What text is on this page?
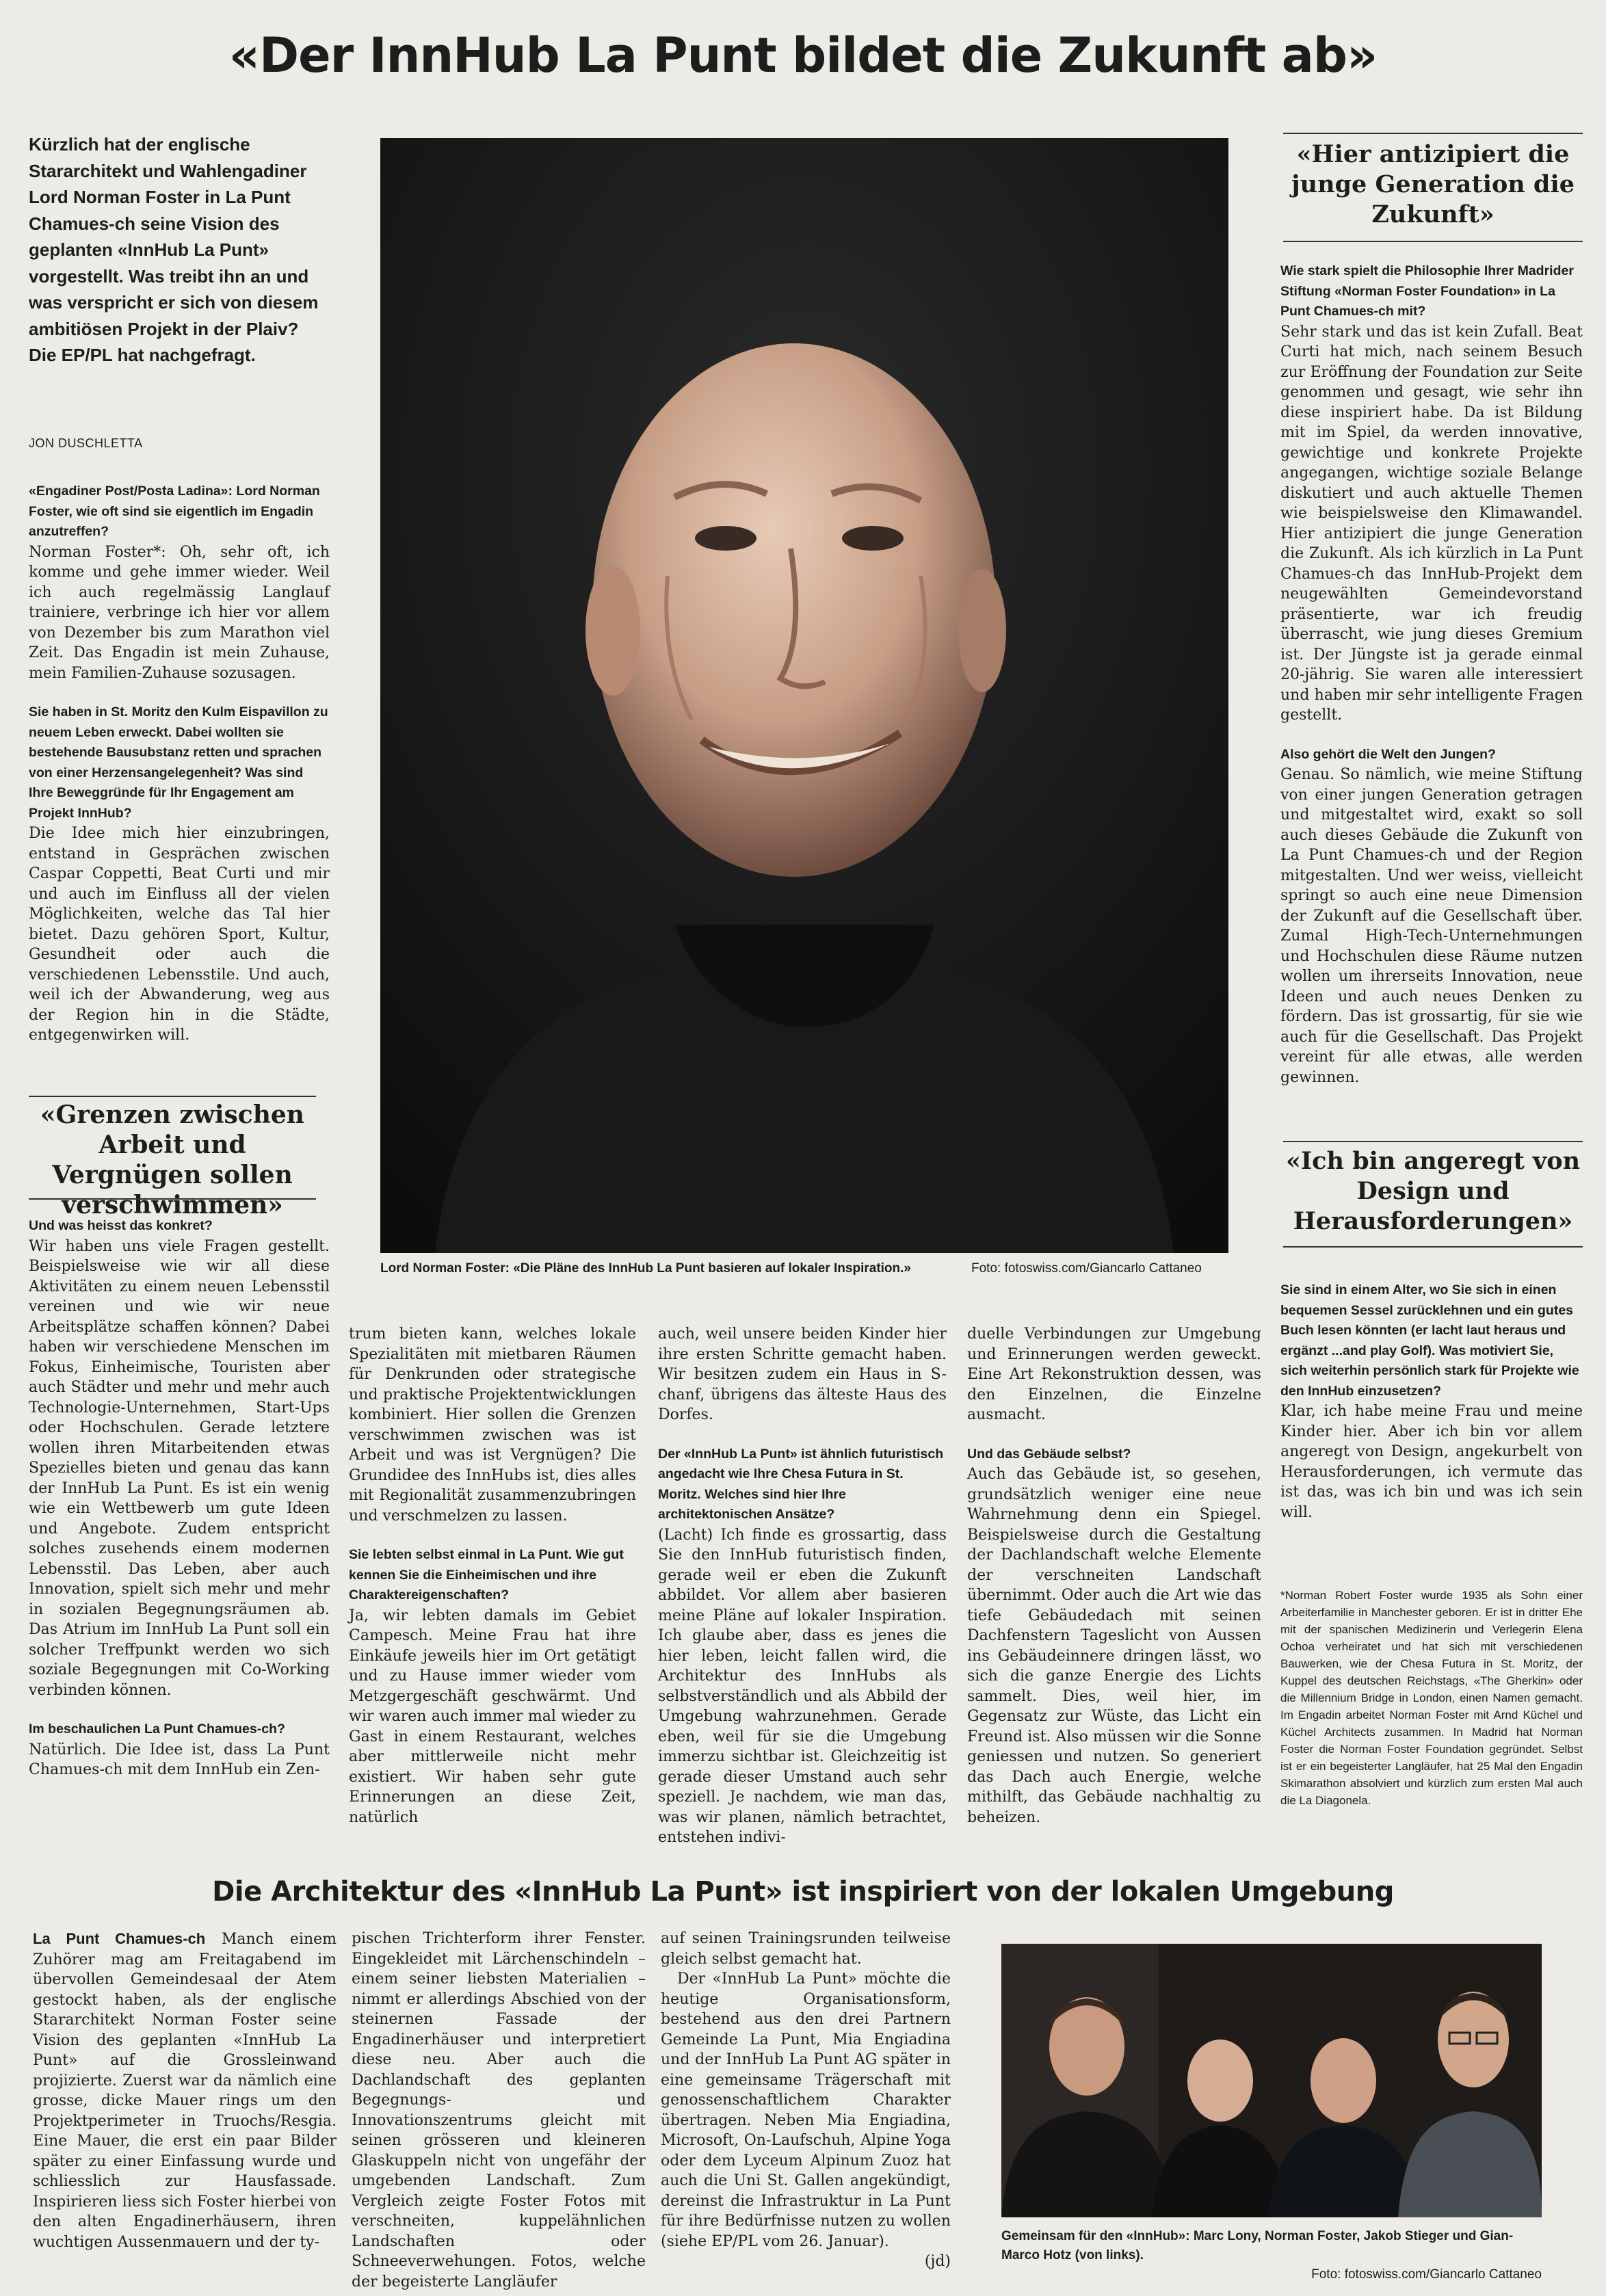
«Der InnHub La Punt bildet die Zukunft ab»
Kürzlich hat der englische Stararchitekt und Wahlengadiner Lord Norman Foster in La Punt Chamues-ch seine Vision des geplanten «InnHub La Punt» vorgestellt. Was treibt ihn an und was verspricht er sich von diesem ambitiösen Projekt in der Plaiv? Die EP/PL hat nachgefragt.
JON DUSCHLETTA

«Engadiner Post/Posta Ladina»: Lord Norman Foster, wie oft sind sie eigentlich im Engadin anzutreffen?

Norman Foster*: Oh, sehr oft, ich komme und gehe immer wieder. Weil ich auch regelmässig Langlauf trainiere, verbringe ich hier vor allem von Dezember bis zum Marathon viel Zeit. Das Engadin ist mein Zuhause, mein Familien-Zuhause sozusagen.

Sie haben in St. Moritz den Kulm Eispavillon zu neuem Leben erweckt. Dabei wollten sie bestehende Bausubstanz retten und sprachen von einer Herzensangelegenheit? Was sind Ihre Beweggründe für Ihr Engagement am Projekt InnHub?

Die Idee mich hier einzubringen, entstand in Gesprächen zwischen Caspar Coppetti, Beat Curti und mir und auch im Einfluss all der vielen Möglichkeiten, welche das Tal hier bietet. Dazu gehören Sport, Kultur, Gesundheit oder auch die verschiedenen Lebensstile. Und auch, weil ich der Abwanderung, weg aus der Region hin in die Städte, entgegenwirken will.

«Grenzen zwischen Arbeit und Vergnügen sollen verschwimmen»

Und was heisst das konkret?

Wir haben uns viele Fragen gestellt. Beispielsweise wie wir all diese Aktivitäten zu einem neuen Lebensstil vereinen und wie wir neue Arbeitsplätze schaffen können? Dabei haben wir verschiedene Menschen im Fokus, Einheimische, Touristen aber auch Städter und mehr und mehr auch Technologie-Unternehmen, Start-Ups oder Hochschulen. Gerade letztere wollen ihren Mitarbeitenden etwas Spezielles bieten und genau das kann der InnHub La Punt. Es ist ein wenig wie ein Wettbewerb um gute Ideen und Angebote. Zudem entspricht solches zusehends einem modernen Lebensstil. Das Leben, aber auch Innovation, spielt sich mehr und mehr in sozialen Begegnungsräumen ab. Das Atrium im InnHub La Punt soll ein solcher Treffpunkt werden wo sich soziale Begegnungen mit Co-Working verbinden können.

Im beschaulichen La Punt Chamues-ch?

Natürlich. Die Idee ist, dass La Punt Chamues-ch mit dem InnHub ein Zen-

Lord Norman Foster: «Die Pläne des InnHub La Punt basieren auf lokaler Inspiration.»	Foto: fotoswiss.com/Giancarlo Cattaneo

trum bieten kann, welches lokale Spezialitäten mit mietbaren Räumen für Denkrunden oder strategische und praktische Projektentwicklungen kombiniert. Hier sollen die Grenzen verschwimmen zwischen was ist Arbeit und was ist Vergnügen? Die Grundidee des InnHubs ist, dies alles mit Regionalität zusammenzubringen und verschmelzen zu lassen.

Sie lebten selbst einmal in La Punt. Wie gut kennen Sie die Einheimischen und ihre Charaktereigenschaften?

Ja, wir lebten damals im Gebiet Campesch. Meine Frau hat ihre Einkäufe jeweils hier im Ort getätigt und zu Hause immer wieder vom Metzgergeschäft geschwärmt. Und wir waren auch immer mal wieder zu Gast in einem Restaurant, welches aber mittlerweile nicht mehr existiert. Wir haben sehr gute Erinnerungen an diese Zeit, natürlich

auch, weil unsere beiden Kinder hier ihre ersten Schritte gemacht haben. Wir besitzen zudem ein Haus in S-chanf, übrigens das älteste Haus des Dorfes.

Der «InnHub La Punt» ist ähnlich futuristisch angedacht wie Ihre Chesa Futura in St. Moritz. Welches sind hier Ihre architektonischen Ansätze?

(Lacht) Ich finde es grossartig, dass Sie den InnHub futuristisch finden, gerade weil er eben die Zukunft abbildet. Vor allem aber basieren meine Pläne auf lokaler Inspiration. Ich glaube aber, dass es jenes die hier leben, leicht fallen wird, die Architektur des InnHubs als selbstverständlich und als Abbild der Umgebung wahrzunehmen. Gerade eben, weil für sie die Umgebung immerzu sichtbar ist. Gleichzeitig ist gerade dieser Umstand auch sehr speziell. Je nachdem, wie man das, was wir planen, nämlich betrachtet, entstehen indivi-

duelle Verbindungen zur Umgebung und Erinnerungen werden geweckt. Eine Art Rekonstruktion dessen, was den Einzelnen, die Einzelne ausmacht.

Und das Gebäude selbst?

Auch das Gebäude ist, so gesehen, grundsätzlich weniger eine neue Wahrnehmung denn ein Spiegel. Beispielsweise durch die Gestaltung der Dachlandschaft welche Elemente der verschneiten Landschaft übernimmt. Oder auch die Art wie das tiefe Gebäudedach mit seinen Dachfenstern Tageslicht von Aussen ins Gebäudeinnere dringen lässt, wo sich die ganze Energie des Lichts sammelt. Dies, weil hier, im Gegensatz zur Wüste, das Licht ein Freund ist. Also müssen wir die Sonne geniessen und nutzen. So generiert das Dach auch Energie, welche mithilft, das Gebäude nachhaltig zu beheizen.

«Hier antizipiert die junge Generation die Zukunft»

Wie stark spielt die Philosophie Ihrer Madrider Stiftung «Norman Foster Foundation» in La Punt Chamues-ch mit?

Sehr stark und das ist kein Zufall. Beat Curti hat mich, nach seinem Besuch zur Eröffnung der Foundation zur Seite genommen und gesagt, wie sehr ihn diese inspiriert habe. Da ist Bildung mit im Spiel, da werden innovative, gewichtige und konkrete Projekte angegangen, wichtige soziale Belange diskutiert und auch aktuelle Themen wie beispielsweise den Klimawandel. Hier antizipiert die junge Generation die Zukunft. Als ich kürzlich in La Punt Chamues-ch das InnHub-Projekt dem neugewählten Gemeindevorstand präsentierte, war ich freudig überrascht, wie jung dieses Gremium ist. Der Jüngste ist ja gerade einmal 20-jährig. Sie waren alle interessiert und haben mir sehr intelligente Fragen gestellt.

Also gehört die Welt den Jungen?

Genau. So nämlich, wie meine Stiftung von einer jungen Generation getragen und mitgestaltet wird, exakt so soll auch dieses Gebäude die Zukunft von La Punt Chamues-ch und der Region mitgestalten. Und wer weiss, vielleicht springt so auch eine neue Dimension der Zukunft auf die Gesellschaft über. Zumal High-Tech-Unternehmungen und Hochschulen diese Räume nutzen wollen um ihrerseits Innovation, neue Ideen und auch neues Denken zu fördern. Das ist grossartig, für sie wie auch für die Gesellschaft. Das Projekt vereint für alle etwas, alle werden gewinnen.

«Ich bin angeregt von Design und Herausforderungen»

Sie sind in einem Alter, wo Sie sich in einen bequemen Sessel zurücklehnen und ein gutes Buch lesen könnten (er lacht laut heraus und ergänzt ...and play Golf). Was motiviert Sie, sich weiterhin persönlich stark für Projekte wie den InnHub einzusetzen?

Klar, ich habe meine Frau und meine Kinder hier. Aber ich bin vor allem angeregt von Design, angekurbelt von Herausforderungen, ich vermute das ist das, was ich bin und was ich sein will.

*Norman Robert Foster wurde 1935 als Sohn einer Arbeiterfamilie in Manchester geboren. Er ist in dritter Ehe mit der spanischen Medizinerin und Verlegerin Elena Ochoa verheiratet und hat sich mit verschiedenen Bauwerken, wie der Chesa Futura in St. Moritz, der Kuppel des deutschen Reichstags, «The Gherkin» oder die Millennium Bridge in London, einen Namen gemacht. Im Engadin arbeitet Norman Foster mit Arnd Küchel und Küchel Architects zusammen. In Madrid hat Norman Foster die Norman Foster Foundation gegründet. Selbst ist er ein begeisterter Langläufer, hat 25 Mal den Engadin Skimarathon absolviert und kürzlich zum ersten Mal auch die La Diagonela.
Die Architektur des «InnHub La Punt» ist inspiriert von der lokalen Umgebung

La Punt Chamues-ch Manch einem Zuhörer mag am Freitagabend im übervollen Gemeindesaal der Atem gestockt haben, als der englische Stararchitekt Norman Foster seine Vision des geplanten «InnHub La Punt» auf die Grossleinwand projizierte. Zuerst war da nämlich eine grosse, dicke Mauer rings um den Projektperimeter in Truochs/Resgia. Eine Mauer, die erst ein paar Bilder später zu einer Einfassung wurde und schliesslich zur Hausfassade. Inspirieren liess sich Foster hierbei von den alten Engadinerhäusern, ihren wuchtigen Aussenmauern und der ty-

pischen Trichterform ihrer Fenster. Eingekleidet mit Lärchenschindeln – einem seiner liebsten Materialien – nimmt er allerdings Abschied von der steinernen Fassade der Engadinerhäuser und interpretiert diese neu. Aber auch die Dachlandschaft des geplanten Begegnungs- und Innovationszentrums gleicht mit seinen grösseren und kleineren Glaskuppeln nicht von ungefähr der umgebenden Landschaft. Zum Vergleich zeigte Foster Fotos mit verschneiten, kuppelähnlichen Landschaften oder Schneeverwehungen. Fotos, welche der begeisterte Langläufer

auf seinen Trainingsrunden teilweise gleich selbst gemacht hat.

Der «InnHub La Punt» möchte die heutige Organisationsform, bestehend aus den drei Partnern Gemeinde La Punt, Mia Engiadina und der InnHub La Punt AG später in eine gemeinsame Trägerschaft mit genossenschaftlichem Charakter übertragen. Neben Mia Engiadina, Microsoft, On-Laufschuh, Alpine Yoga oder dem Lyceum Alpinum Zuoz hat auch die Uni St. Gallen angekündigt, dereinst die Infrastruktur in La Punt für ihre Bedürfnisse nutzen zu wollen (siehe EP/PL vom 26. Januar).

(jd)

Gemeinsam für den «InnHub»: Marc Lony, Norman Foster, Jakob Stieger und Gian-Marco Hotz (von links).
Foto: fotoswiss.com/Giancarlo Cattaneo
